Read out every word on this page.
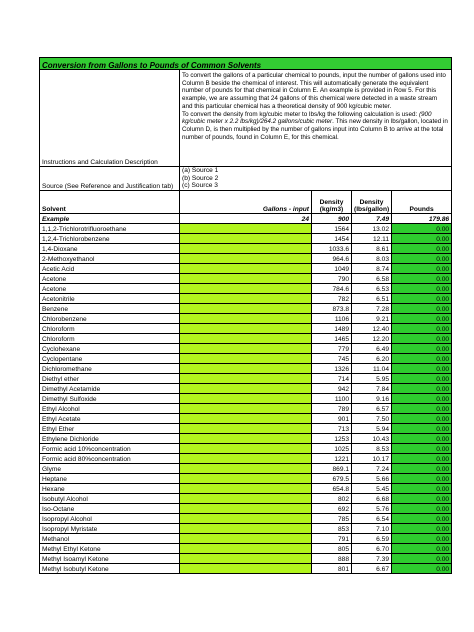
Conversion from Gallons to Pounds of Common Solvents				
Instructions and Calculation Description	To convert the gallons of a particular chemical to pounds, input the number of gallons used into Column B beside the chemical of interest. This will automatically generate the equivalent number of pounds for that chemical in Column E. An example is provided in Row 5. For this example, we are assuming that 24 gallons of this chemical were detected in a waste stream and this particular chemical has a theoretical density of 900 kg/cubic meter.
To convert the density from kg/cubic meter to lbs/kg the following calculation is used: (900 kg/cubic meter x 2.2 lbs/kg)/264.2 gallons/cubic meter. This new density in lbs/gallon, located in Column D, is then multiplied by the number of gallons input into Column B to arrive at the total number of pounds, found in Column E, for this chemical.			
Source (See Reference and Justification tab)	(a) Source 1
(b) Source 2
(c) Source 3			
Solvent	Gallons - input	Density (kg/m3)	Density (lbs/gallon)	Pounds
Example	24	900	7.49	179.86
1,1,2-Trichlorotrifluoroethane		1564	13.02	0.00
1,2,4-Trichlorobenzene		1454	12.11	0.00
1,4-Dioxane		1033.6	8.61	0.00
2-Methoxyethanol		964.6	8.03	0.00
Acetic Acid		1049	8.74	0.00
Acetone		790	6.58	0.00
Acetone		784.6	6.53	0.00
Acetonitrile		782	6.51	0.00
Benzene		873.8	7.28	0.00
Chlorobenzene		1106	9.21	0.00
Chloroform		1489	12.40	0.00
Chloroform		1465	12.20	0.00
Cyclohexane		779	6.49	0.00
Cyclopentane		745	6.20	0.00
Dichloromethane		1326	11.04	0.00
Diethyl ether		714	5.95	0.00
Dimethyl Acetamide		942	7.84	0.00
Dimethyl Sulfoxide		1100	9.16	0.00
Ethyl Alcohol		789	6.57	0.00
Ethyl Acetate		901	7.50	0.00
Ethyl Ether		713	5.94	0.00
Ethylene Dichloride		1253	10.43	0.00
Formic acid 10%concentration		1025	8.53	0.00
Formic acid 80%concentration		1221	10.17	0.00
Glyme		869.1	7.24	0.00
Heptane		679.5	5.66	0.00
Hexane		654.8	5.45	0.00
Isobutyl Alcohol		802	6.68	0.00
Iso-Octane		692	5.76	0.00
Isopropyl Alcohol		785	6.54	0.00
Isopropyl Myristate		853	7.10	0.00
Methanol		791	6.59	0.00
Methyl Ethyl Ketone		805	6.70	0.00
Methyl Isoamyl Ketone		888	7.39	0.00
Methyl Isobutyl Ketone		801	6.67	0.00
